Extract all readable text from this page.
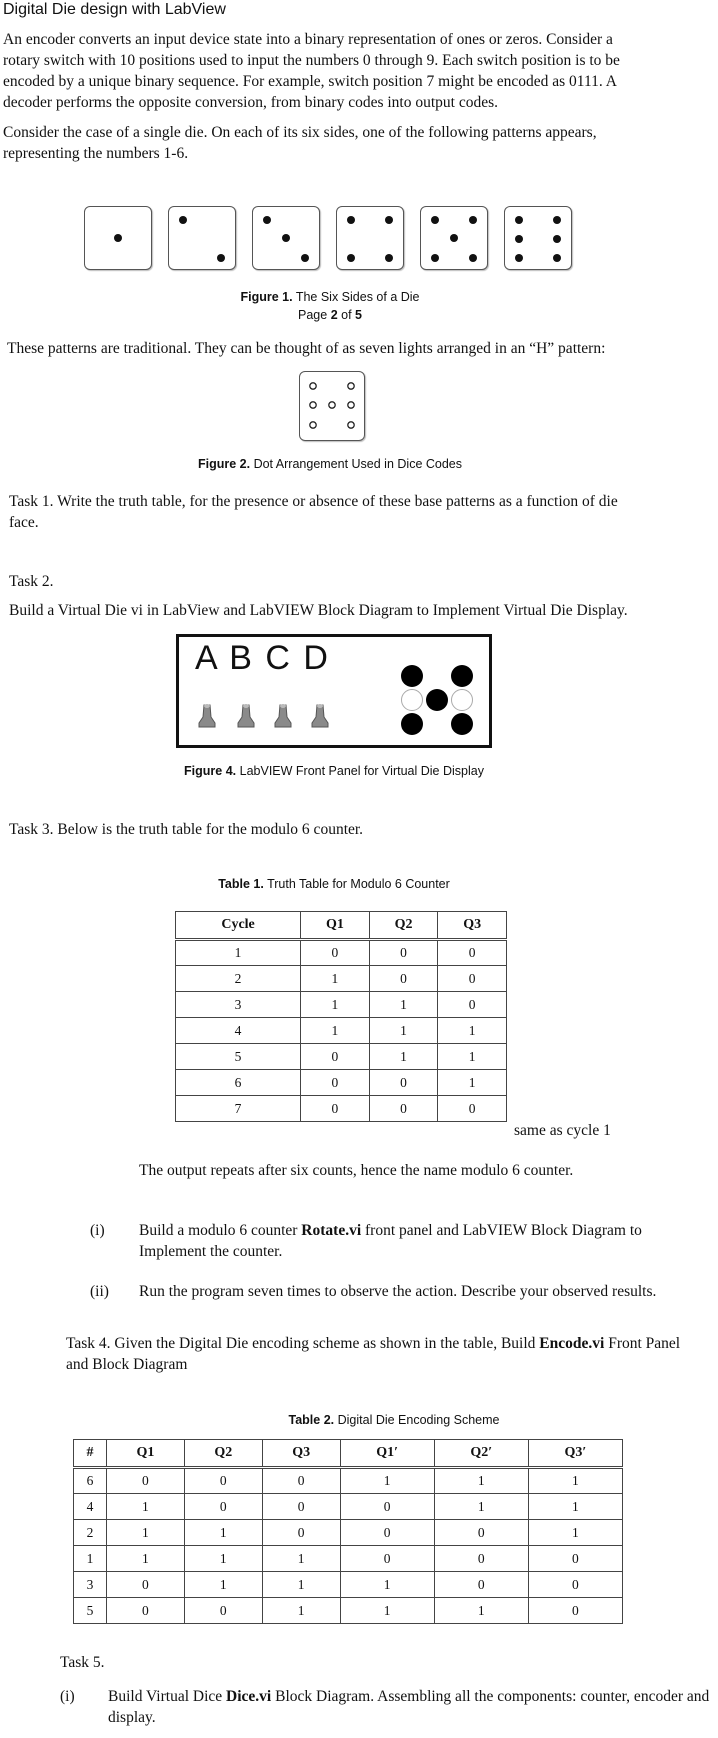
Digital Die design with LabView
An encoder converts an input device state into a binary representation of ones or zeros. Consider a rotary switch with 10 positions used to input the numbers 0 through 9. Each switch position is to be encoded by a unique binary sequence. For example, switch position 7 might be encoded as 0111. A decoder performs the opposite conversion, from binary codes into output codes.
Consider the case of a single die. On each of its six sides, one of the following patterns appears, representing the numbers 1-6.
Figure 1. The Six Sides of a Die
Page 2 of 5
These patterns are traditional. They can be thought of as seven lights arranged in an “H” pattern:
Figure 2. Dot Arrangement Used in Dice Codes
Task 1. Write the truth table, for the presence or absence of these base patterns as a function of die face.
Task 2.
Build a Virtual Die vi in LabView and LabVIEW Block Diagram to Implement Virtual Die Display.
A B C D
Figure 4. LabVIEW Front Panel for Virtual Die Display
Task 3. Below is the truth table for the modulo 6 counter.
Table 1. Truth Table for Modulo 6 Counter
Cycle	Q1	Q2	Q3
1	0	0	0
2	1	0	0
3	1	1	0
4	1	1	1
5	0	1	1
6	0	0	1
7	0	0	0
same as cycle 1
The output repeats after six counts, hence the name modulo 6 counter.
(i) Build a modulo 6 counter Rotate.vi front panel and LabVIEW Block Diagram to Implement the counter.
(ii) Run the program seven times to observe the action. Describe your observed results.
Task 4. Given the Digital Die encoding scheme as shown in the table, Build Encode.vi Front Panel and Block Diagram
Table 2. Digital Die Encoding Scheme
#	Q1	Q2	Q3	Q1′	Q2′	Q3′
6	0	0	0	1	1	1
4	1	0	0	0	1	1
2	1	1	0	0	0	1
1	1	1	1	0	0	0
3	0	1	1	1	0	0
5	0	0	1	1	1	0
Task 5.
(i) Build Virtual Dice Dice.vi Block Diagram. Assembling all the components: counter, encoder and display.
